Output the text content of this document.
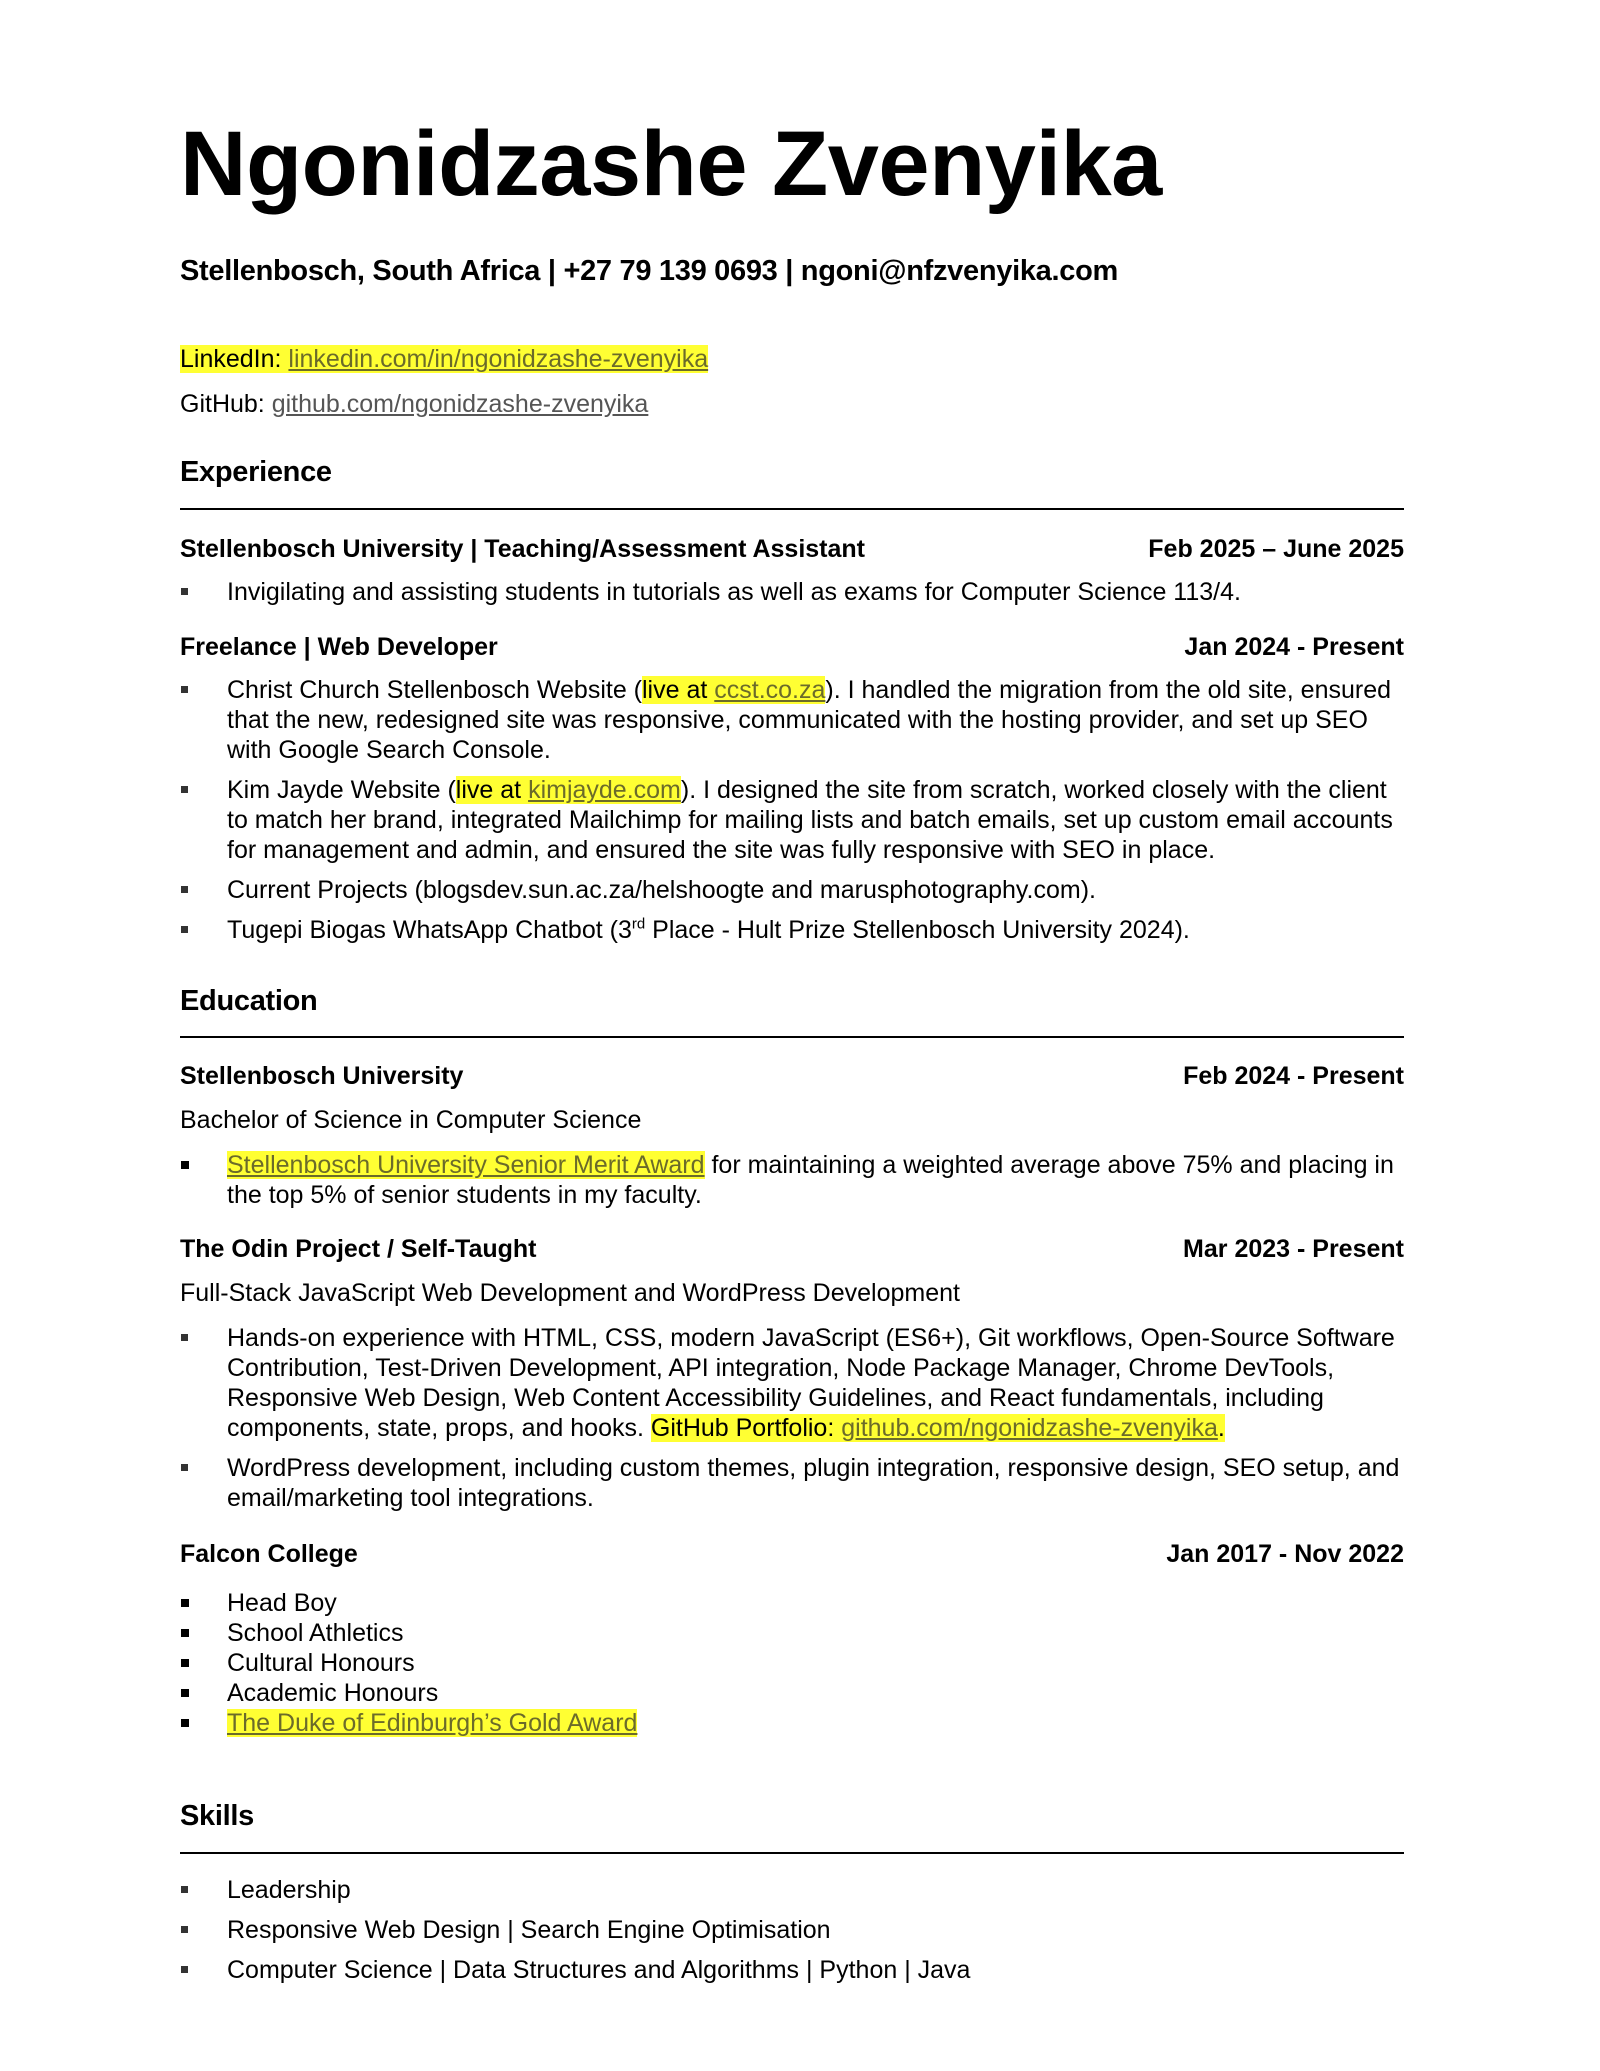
Ngonidzashe Zvenyika
Stellenbosch, South Africa | +27 79 139 0693 | ngoni@nfzvenyika.com
LinkedIn: linkedin.com/in/ngonidzashe-zvenyika
GitHub: github.com/ngonidzashe-zvenyika
Experience
Stellenbosch University | Teaching/Assessment Assistant	Feb 2025 – June 2025
Invigilating and assisting students in tutorials as well as exams for Computer Science 113/4.
Freelance | Web Developer	Jan 2024 - Present
Christ Church Stellenbosch Website (live at ccst.co.za). I handled the migration from the old site, ensured that the new, redesigned site was responsive, communicated with the hosting provider, and set up SEO with Google Search Console.
Kim Jayde Website (live at kimjayde.com). I designed the site from scratch, worked closely with the client to match her brand, integrated Mailchimp for mailing lists and batch emails, set up custom email accounts for management and admin, and ensured the site was fully responsive with SEO in place.
Current Projects (blogsdev.sun.ac.za/helshoogte and marusphotography.com).
Tugepi Biogas WhatsApp Chatbot (3rd Place - Hult Prize Stellenbosch University 2024).
Education
Stellenbosch University	Feb 2024 - Present
Bachelor of Science in Computer Science
Stellenbosch University Senior Merit Award for maintaining a weighted average above 75% and placing in the top 5% of senior students in my faculty.
The Odin Project / Self-Taught	Mar 2023 - Present
Full-Stack JavaScript Web Development and WordPress Development
Hands-on experience with HTML, CSS, modern JavaScript (ES6+), Git workflows, Open-Source Software Contribution, Test-Driven Development, API integration, Node Package Manager, Chrome DevTools, Responsive Web Design, Web Content Accessibility Guidelines, and React fundamentals, including components, state, props, and hooks. GitHub Portfolio: github.com/ngonidzashe-zvenyika.
WordPress development, including custom themes, plugin integration, responsive design, SEO setup, and email/marketing tool integrations.
Falcon College	Jan 2017 - Nov 2022
Head Boy
School Athletics
Cultural Honours
Academic Honours
The Duke of Edinburgh’s Gold Award
Skills
Leadership
Responsive Web Design | Search Engine Optimisation
Computer Science | Data Structures and Algorithms | Python | Java
